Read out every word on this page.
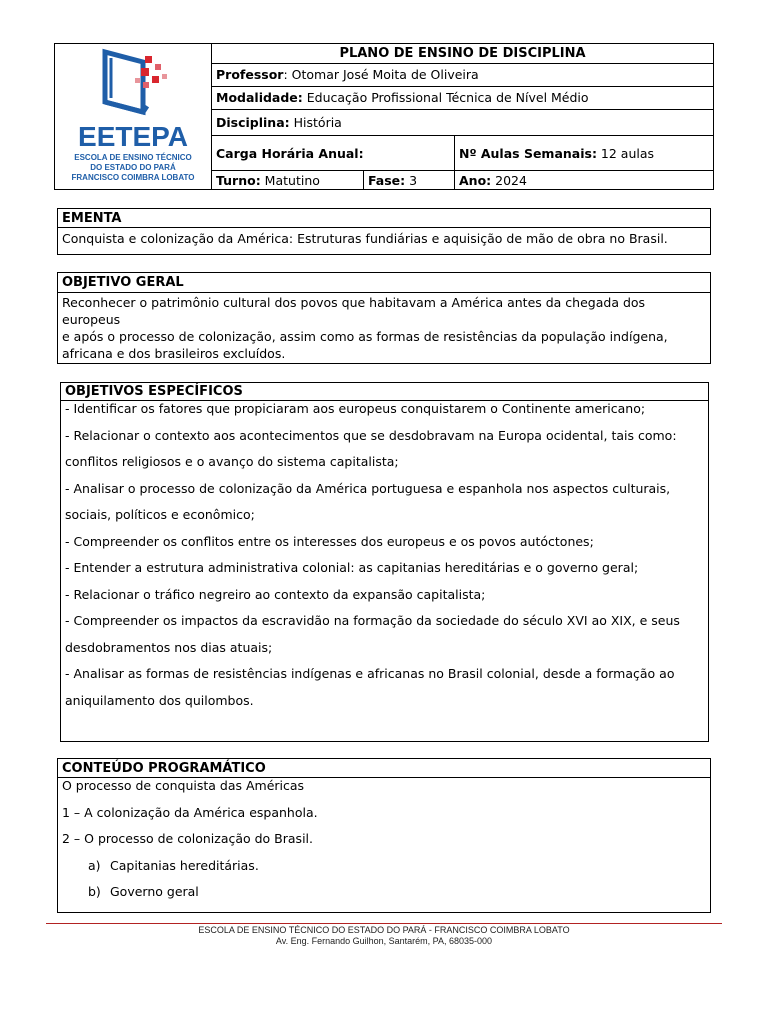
EETEPA
ESCOLA DE ENSINO TÉCNICO
DO ESTADO DO PARÁ
FRANCISCO COIMBRA LOBATO
PLANO DE ENSINO DE DISCIPLINA
Professor: Otomar José Moita de Oliveira
Modalidade: Educação Profissional Técnica de Nível Médio
Disciplina: História
Carga Horária Anual:	Nº Aulas Semanais: 12 aulas
Turno: Matutino	Fase: 3	Ano: 2024
EMENTA
Conquista e colonização da América: Estruturas fundiárias e aquisição de mão de obra no Brasil.
OBJETIVO GERAL
Reconhecer o patrimônio cultural dos povos que habitavam a América antes da chegada dos europeus
e após o processo de colonização, assim como as formas de resistências da população indígena,
africana e dos brasileiros excluídos.
OBJETIVOS ESPECÍFICOS
- Identificar os fatores que propiciaram aos europeus conquistarem o Continente americano;
- Relacionar o contexto aos acontecimentos que se desdobravam na Europa ocidental, tais como:
conflitos religiosos e o avanço do sistema capitalista;
- Analisar o processo de colonização da América portuguesa e espanhola nos aspectos culturais,
sociais, políticos e econômico;
- Compreender os conflitos entre os interesses dos europeus e os povos autóctones;
- Entender a estrutura administrativa colonial: as capitanias hereditárias e o governo geral;
- Relacionar o tráfico negreiro ao contexto da expansão capitalista;
- Compreender os impactos da escravidão na formação da sociedade do século XVI ao XIX, e seus
desdobramentos nos dias atuais;
- Analisar as formas de resistências indígenas e africanas no Brasil colonial, desde a formação ao
aniquilamento dos quilombos.
CONTEÚDO PROGRAMÁTICO
O processo de conquista das Américas
1 – A colonização da América espanhola.
2 – O processo de colonização do Brasil.
a) Capitanias hereditárias.
b) Governo geral
ESCOLA DE ENSINO TÉCNICO DO ESTADO DO PARÁ - FRANCISCO COIMBRA LOBATO
Av. Eng. Fernando Guilhon, Santarém, PA, 68035-000
